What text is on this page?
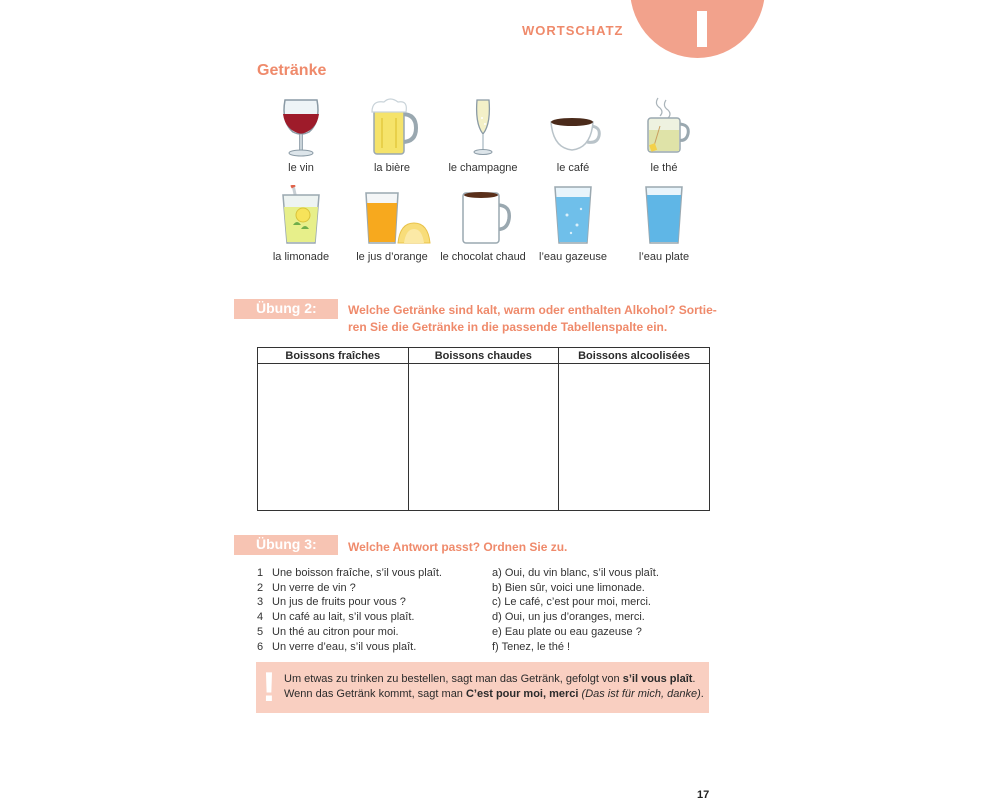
WORTSCHATZ
Getränke
le vin	la bière	le champagne	le café	le thé
la limonade	le jus d’orange	le chocolat chaud	l’eau gazeuse	l’eau plate
Übung 2:	Welche Getränke sind kalt, warm oder enthalten Alkohol? Sortie-
ren Sie die Getränke in die passende Tabellenspalte ein.
Boissons fraîches	Boissons chaudes	Boissons alcoolisées

Übung 3:	Welche Antwort passt? Ordnen Sie zu.
1 Une boisson fraîche, s’il vous plaît.
2 Un verre de vin ?
3 Un jus de fruits pour vous ?
4 Un café au lait, s’il vous plaît.
5 Un thé au citron pour moi.
6 Un verre d’eau, s’il vous plaît.
a) Oui, du vin blanc, s’il vous plaît.
b) Bien sûr, voici une limonade.
c) Le café, c’est pour moi, merci.
d) Oui, un jus d’oranges, merci.
e) Eau plate ou eau gazeuse ?
f) Tenez, le thé !
! Um etwas zu trinken zu bestellen, sagt man das Getränk, gefolgt von s’il vous plaît.
Wenn das Getränk kommt, sagt man C’est pour moi, merci (Das ist für mich, danke).
17
